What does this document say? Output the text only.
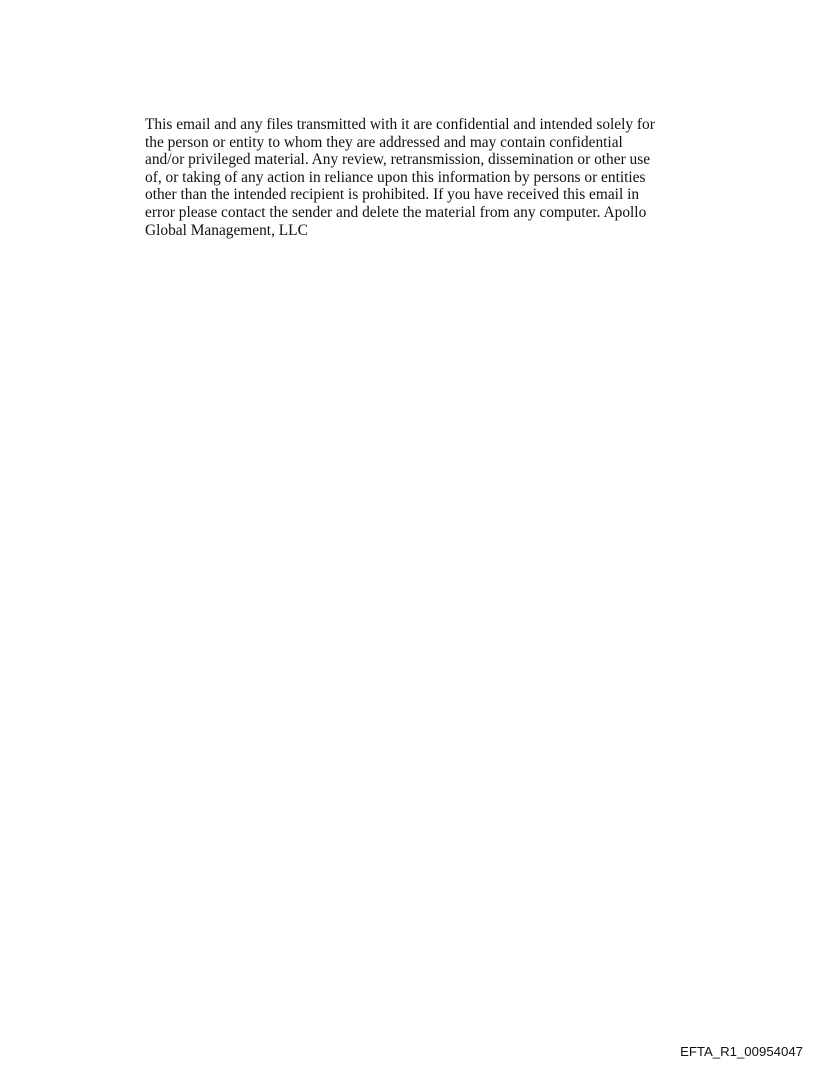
This email and any files transmitted with it are confidential and intended solely for
the person or entity to whom they are addressed and may contain confidential
and/or privileged material. Any review, retransmission, dissemination or other use
of, or taking of any action in reliance upon this information by persons or entities
other than the intended recipient is prohibited. If you have received this email in
error please contact the sender and delete the material from any computer. Apollo
Global Management, LLC

EFTA_R1_00954047
